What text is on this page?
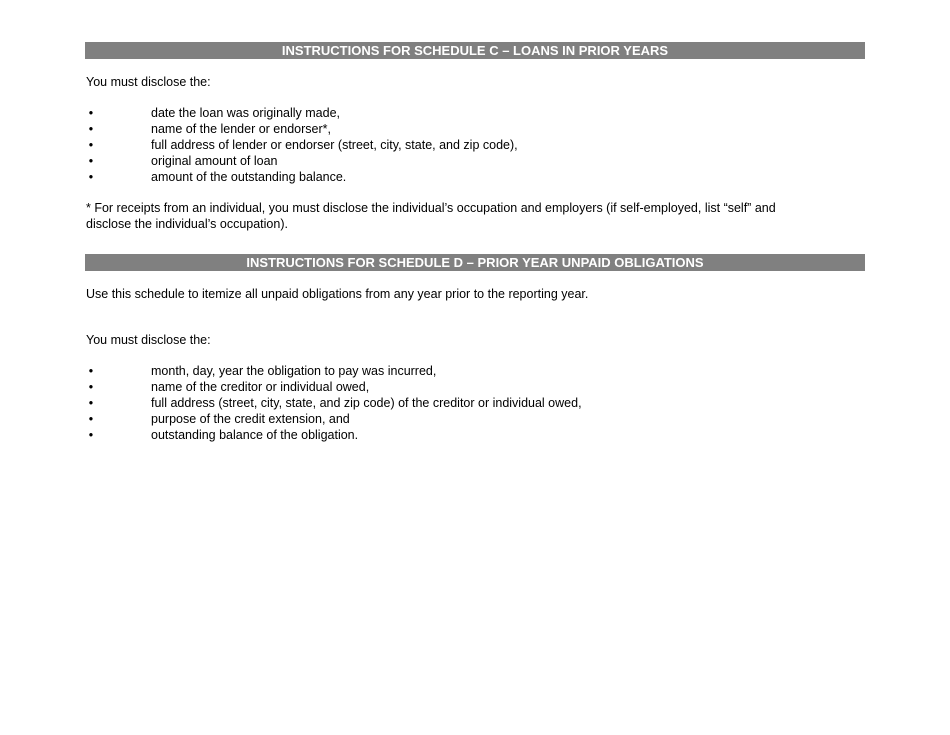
INSTRUCTIONS FOR SCHEDULE C – LOANS IN PRIOR YEARS

You must disclose the:

•	date the loan was originally made,
•	name of the lender or endorser*,
•	full address of lender or endorser (street, city, state, and zip code),
•	original amount of loan
•	amount of the outstanding balance.

* For receipts from an individual, you must disclose the individual’s occupation and employers (if self-employed, list “self” and

disclose the individual’s occupation).

INSTRUCTIONS FOR SCHEDULE D – PRIOR YEAR UNPAID OBLIGATIONS

Use this schedule to itemize all unpaid obligations from any year prior to the reporting year.

You must disclose the:

•	month, day, year the obligation to pay was incurred,
•	name of the creditor or individual owed,
•	full address (street, city, state, and zip code) of the creditor or individual owed,
•	purpose of the credit extension, and
•	outstanding balance of the obligation.
